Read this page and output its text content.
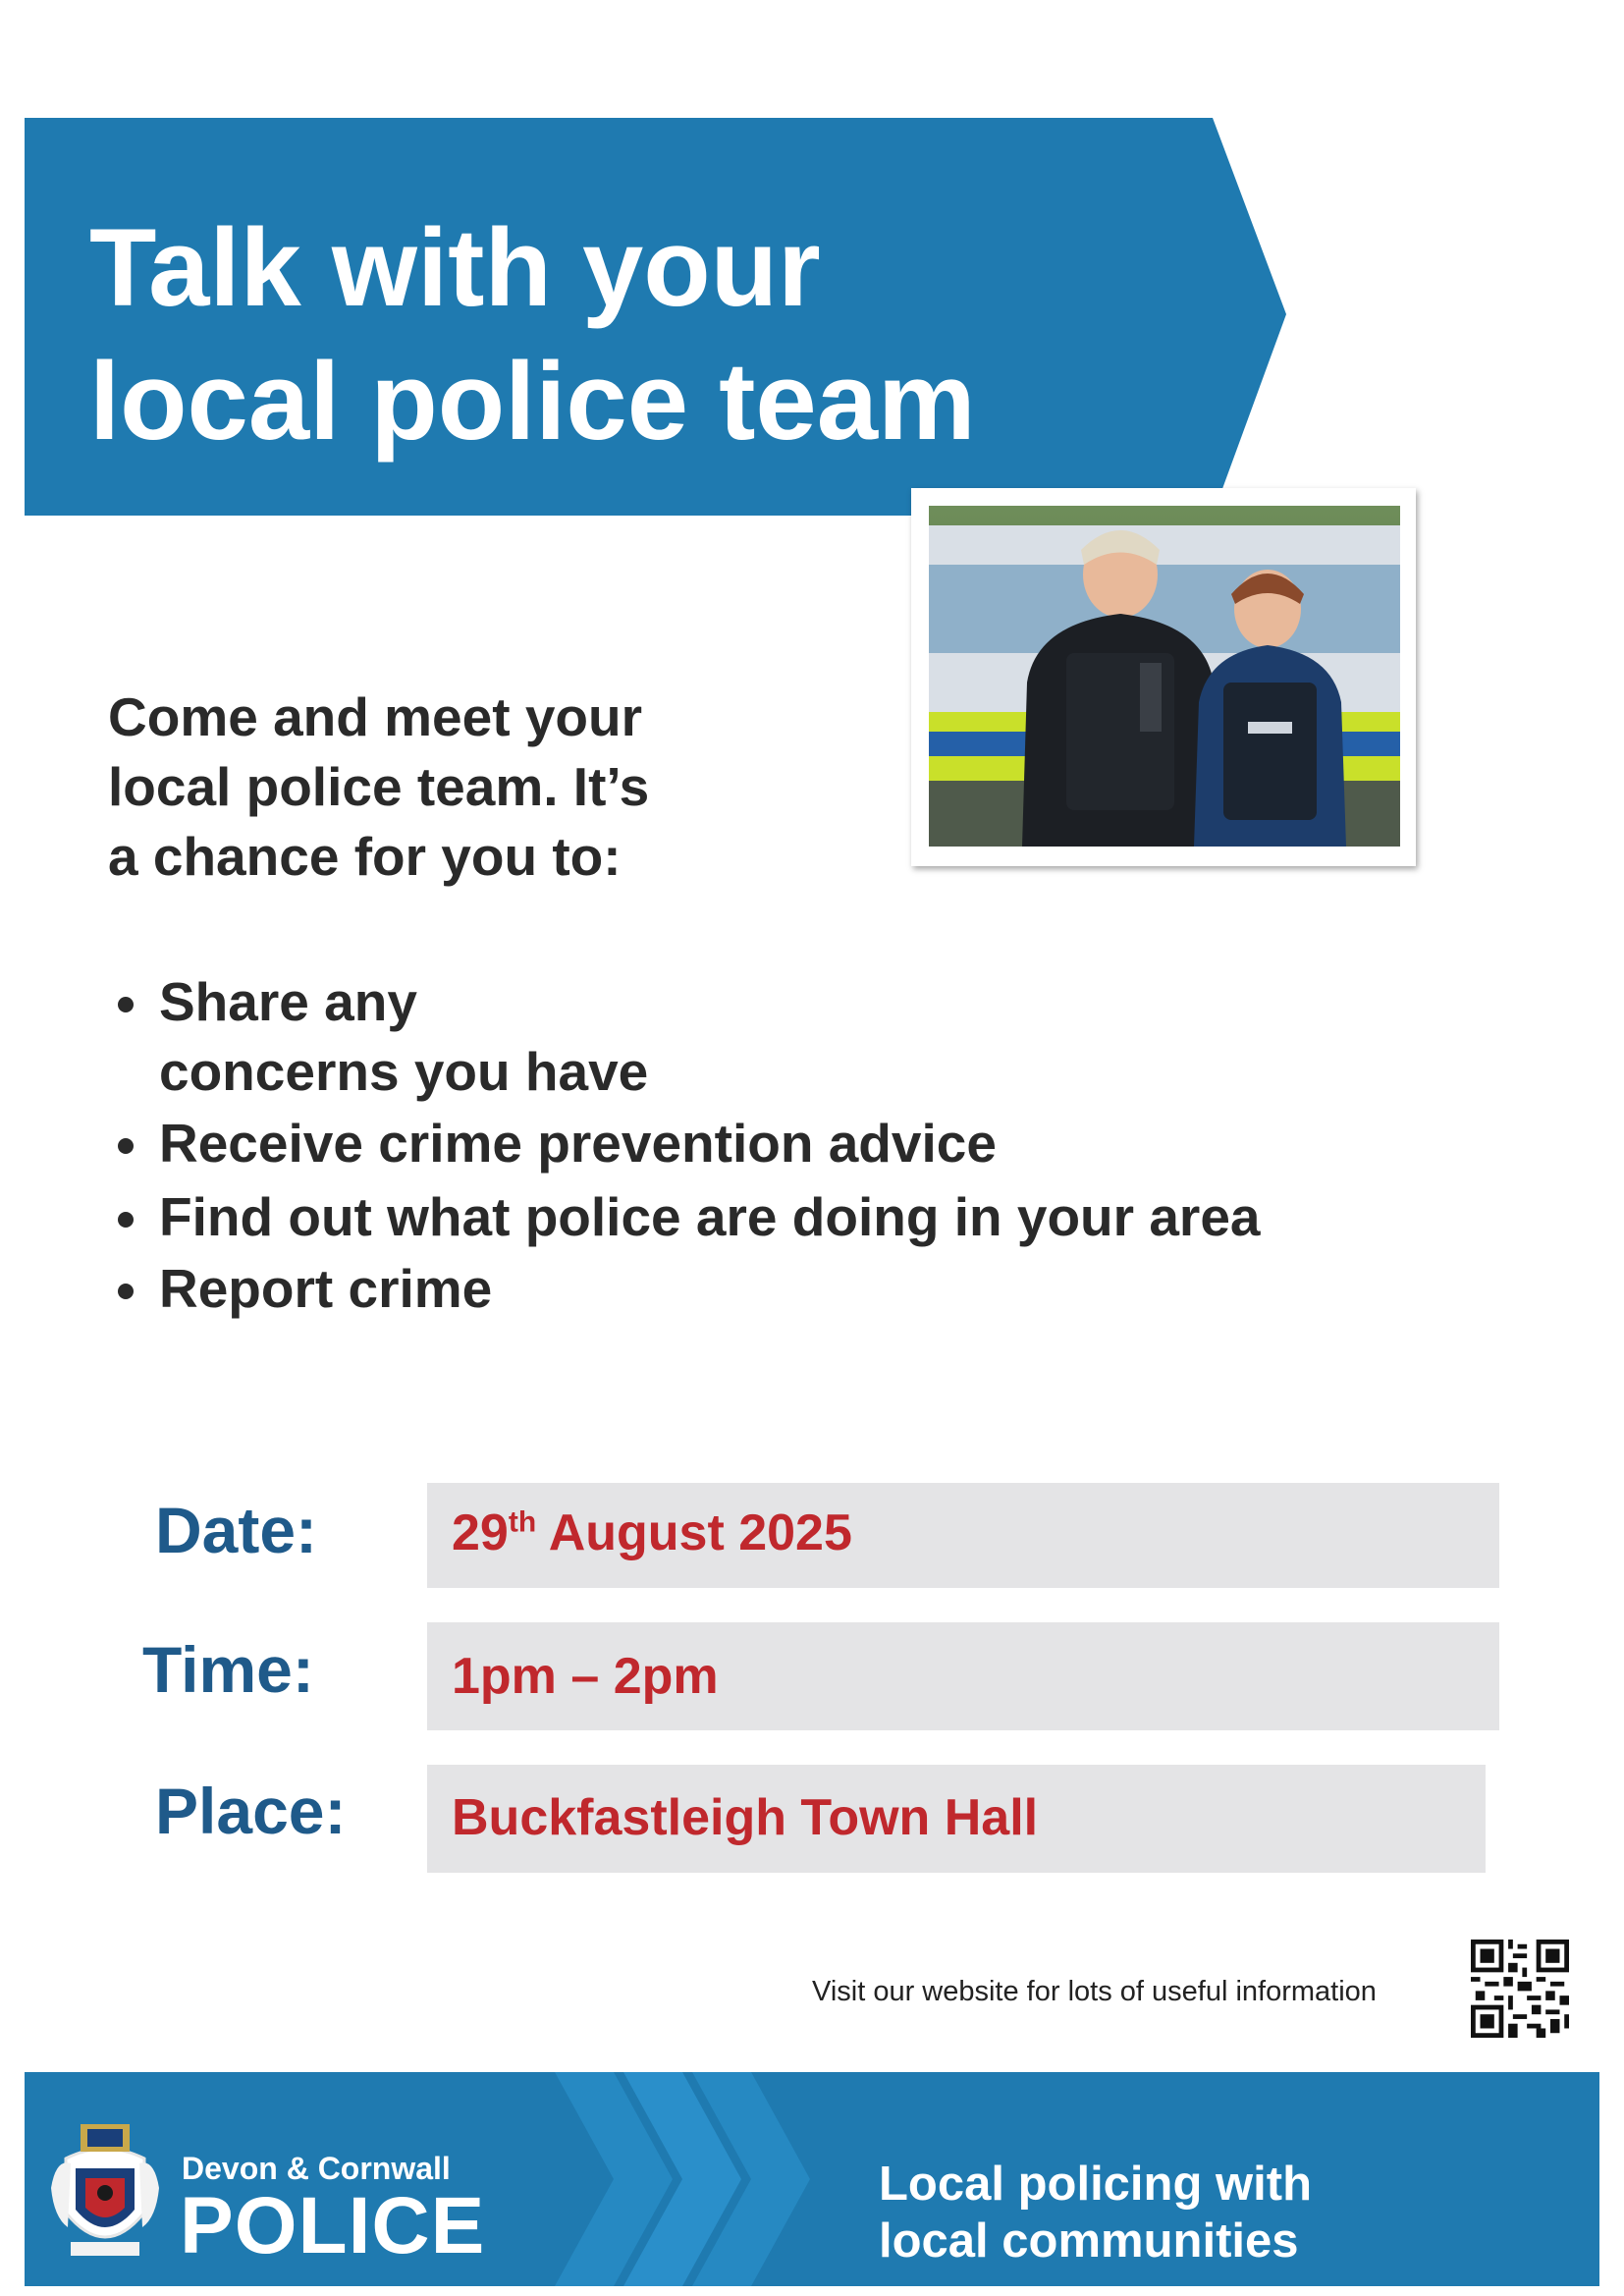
Talk with your
local police team
Come and meet your
local police team. It’s
a chance for you to:
Share any
concerns you have
Receive crime prevention advice
Find out what police are doing in your area
Report crime
Date:	29th August 2025
Time:	1pm – 2pm
Place: Buckfastleigh Town Hall
Visit our website for lots of useful information
Devon & Cornwall
POLICE	Local policing with
local communities
